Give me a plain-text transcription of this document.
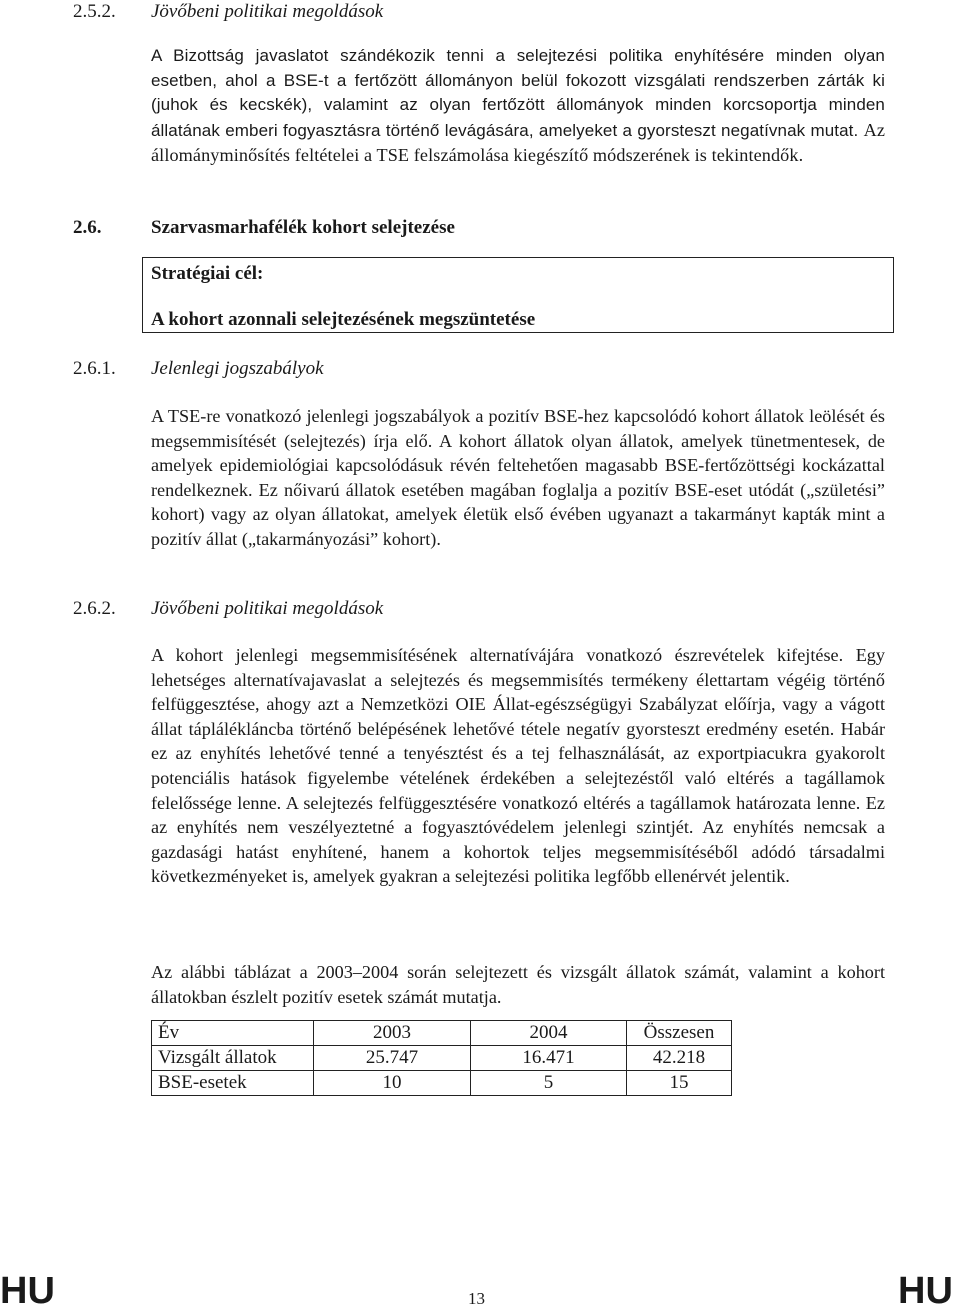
2.5.2. Jövőbeni politikai megoldások

A Bizottság javaslatot szándékozik tenni a selejtezési politika enyhítésére minden olyan esetben, ahol a BSE-t a fertőzött állományon belül fokozott vizsgálati rendszerben zárták ki (juhok és kecskék), valamint az olyan fertőzött állományok minden korcsoportja minden állatának emberi fogyasztásra történő levágására, amelyeket a gyorsteszt negatívnak mutat. Az állományminősítés feltételei a TSE felszámolása kiegészítő módszerének is tekintendők.

2.6.	Szarvasmarhafélék kohort selejtezése
Stratégiai cél:
A kohort azonnali selejtezésének megszüntetése
2.6.1. Jelenlegi jogszabályok

A TSE-re vonatkozó jelenlegi jogszabályok a pozitív BSE-hez kapcsolódó kohort állatok leölését és megsemmisítését (selejtezés) írja elő. A kohort állatok olyan állatok, amelyek tünetmentesek, de amelyek epidemiológiai kapcsolódásuk révén feltehetően magasabb BSE-fertőzöttségi kockázattal rendelkeznek. Ez nőivarú állatok esetében magában foglalja a pozitív BSE-eset utódát („születési” kohort) vagy az olyan állatokat, amelyek életük első évében ugyanazt a takarmányt kapták mint a pozitív állat („takarmányozási” kohort).

2.6.2. Jövőbeni politikai megoldások

A kohort jelenlegi megsemmisítésének alternatívájára vonatkozó észrevételek kifejtése. Egy lehetséges alternatívajavaslat a selejtezés és megsemmisítés termékeny élettartam végéig történő felfüggesztése, ahogy azt a Nemzetközi OIE Állat-egészségügyi Szabályzat előírja, vagy a vágott állat táplálékláncba történő belépésének lehetővé tétele negatív gyorsteszt eredmény esetén. Habár ez az enyhítés lehetővé tenné a tenyésztést és a tej felhasználását, az exportpiacukra gyakorolt potenciális hatások figyelembe vételének érdekében a selejtezéstől való eltérés a tagállamok felelőssége lenne. A selejtezés felfüggesztésére vonatkozó eltérés a tagállamok határozata lenne. Ez az enyhítés nem veszélyeztetné a fogyasztóvédelem jelenlegi szintjét. Az enyhítés nemcsak a gazdasági hatást enyhítené, hanem a kohortok teljes megsemmisítéséből adódó társadalmi következményeket is, amelyek gyakran a selejtezési politika legfőbb ellenérvét jelentik.

Az alábbi táblázat a 2003–2004 során selejtezett és vizsgált állatok számát, valamint a kohort állatokban észlelt pozitív esetek számát mutatja.

Év	2003	2004	Összesen
Vizsgált állatok	25.747	16.471	42.218
BSE-esetek	10	5	15
HU	13	HU
